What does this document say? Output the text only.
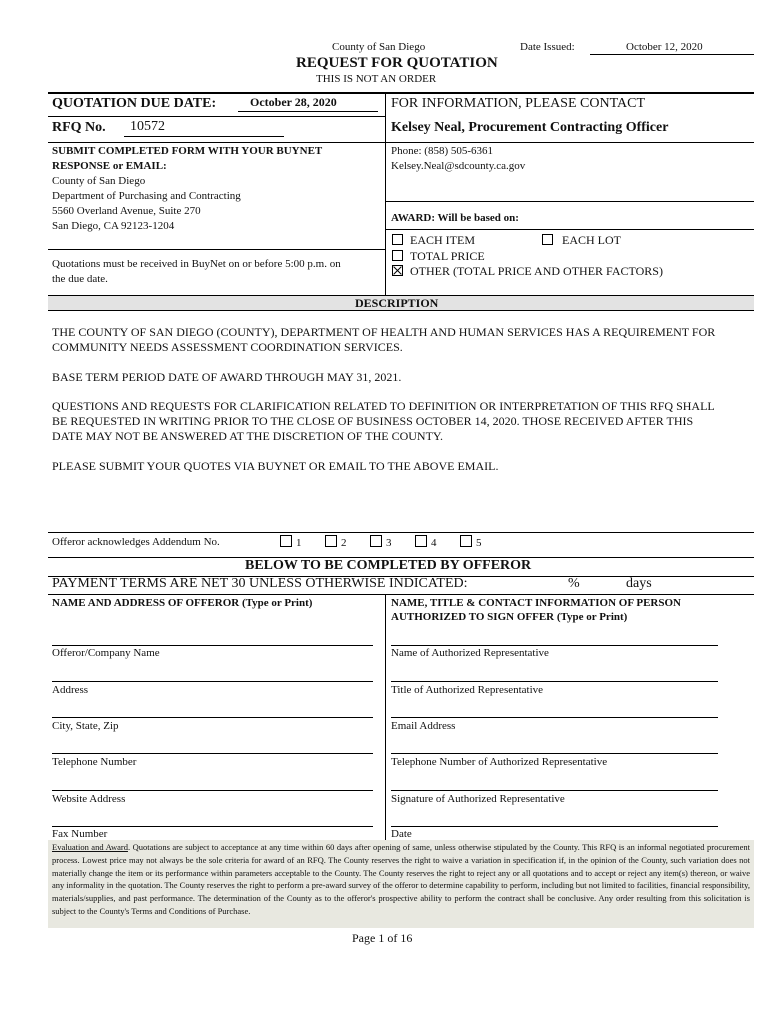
County of San Diego	Date Issued:	October 12, 2020
REQUEST FOR QUOTATION
THIS IS NOT AN ORDER
QUOTATION DUE DATE:	October 28, 2020
RFQ No. 10572
SUBMIT COMPLETED FORM WITH YOUR BUYNET
RESPONSE or EMAIL:
County of San Diego
Department of Purchasing and Contracting
5560 Overland Avenue, Suite 270
San Diego, CA 92123-1204
Quotations must be received in BuyNet on or before 5:00 p.m. on
the due date.
FOR INFORMATION, PLEASE CONTACT
Kelsey Neal, Procurement Contracting Officer
Phone: (858) 505-6361
Kelsey.Neal@sdcounty.ca.gov
AWARD: Will be based on:
EACH ITEM	EACH LOT
TOTAL PRICE
OTHER (TOTAL PRICE AND OTHER FACTORS)
DESCRIPTION
THE COUNTY OF SAN DIEGO (COUNTY), DEPARTMENT OF HEALTH AND HUMAN SERVICES HAS A REQUIREMENT FOR
COMMUNITY NEEDS ASSESSMENT COORDINATION SERVICES.
BASE TERM PERIOD DATE OF AWARD THROUGH MAY 31, 2021.
QUESTIONS AND REQUESTS FOR CLARIFICATION RELATED TO DEFINITION OR INTERPRETATION OF THIS RFQ SHALL
BE REQUESTED IN WRITING PRIOR TO THE CLOSE OF BUSINESS OCTOBER 14, 2020. THOSE RECEIVED AFTER THIS
DATE MAY NOT BE ANSWERED AT THE DISCRETION OF THE COUNTY.
PLEASE SUBMIT YOUR QUOTES VIA BUYNET OR EMAIL TO THE ABOVE EMAIL.
Offeror acknowledges Addendum No.	1	2	3	4	5
BELOW TO BE COMPLETED BY OFFEROR
PAYMENT TERMS ARE NET 30 UNLESS OTHERWISE INDICATED:	%	days
NAME AND ADDRESS OF OFFEROR (Type or Print)	NAME, TITLE & CONTACT INFORMATION OF PERSON
AUTHORIZED TO SIGN OFFER (Type or Print)
Offeror/Company Name
Address
City, State, Zip
Telephone Number
Website Address
Fax Number
Name of Authorized Representative
Title of Authorized Representative
Email Address
Telephone Number of Authorized Representative
Signature of Authorized Representative
Date
Evaluation and Award. Quotations are subject to acceptance at any time within 60 days after opening of same, unless otherwise stipulated by the County. This RFQ is an informal negotiated procurement process. Lowest price may not always be the sole criteria for award of an RFQ. The County reserves the right to waive a variation in specification if, in the opinion of the County, such variation does not materially change the item or its performance within parameters acceptable to the County. The County reserves the right to reject any or all quotations and to accept or reject any item(s) thereon, or waive any informality in the quotation. The County reserves the right to perform a pre-award survey of the offeror to determine capability to perform, including but not limited to facilities, financial responsibility, materials/supplies, and past performance. The determination of the County as to the offeror's prospective ability to perform the contract shall be conclusive. Any order resulting from this solicitation is subject to the County's Terms and Conditions of Purchase.
Page 1 of 16
